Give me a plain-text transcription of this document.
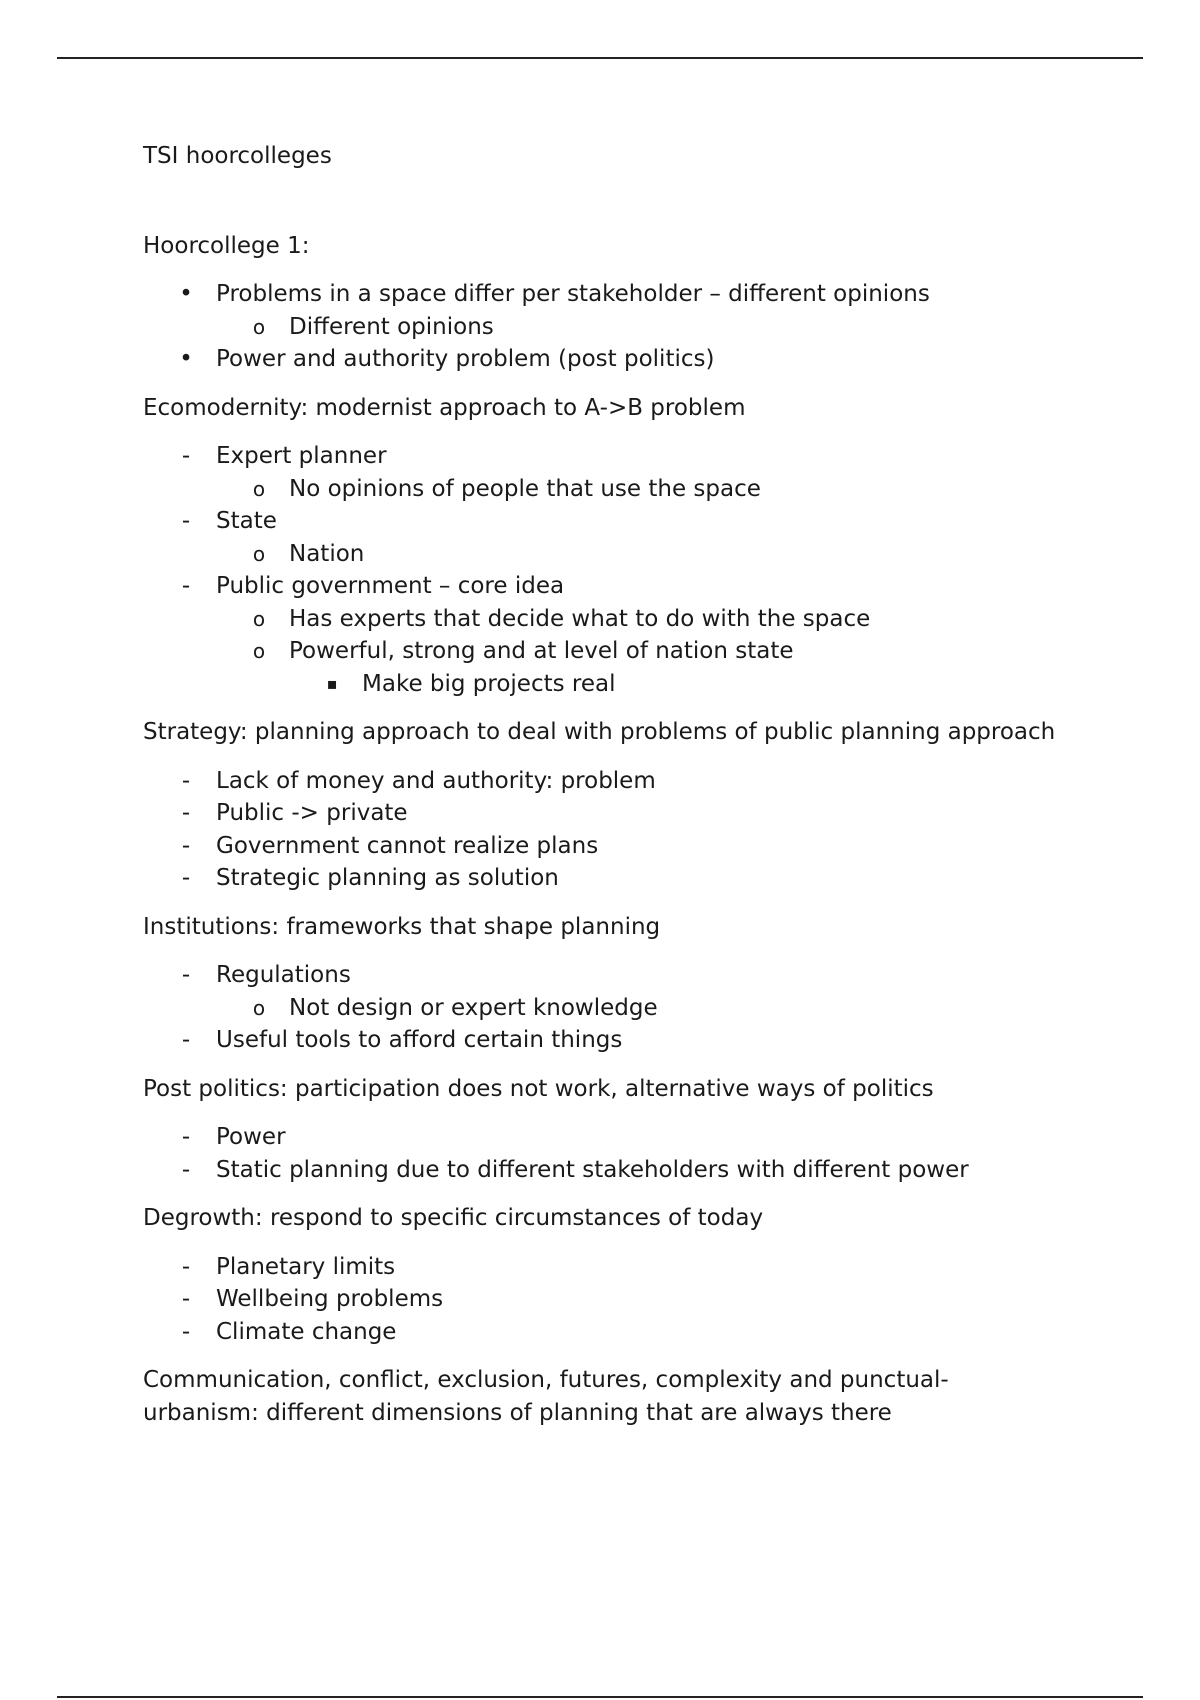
TSI hoorcolleges

Hoorcollege 1:

•
Problems in a space differ per stakeholder – different opinions
o
Different opinions
•
Power and authority problem (post politics)

Ecomodernity: modernist approach to A->B problem

-
Expert planner
o
No opinions of people that use the space
-
State
o
Nation
-
Public government – core idea
o
Has experts that decide what to do with the space
o
Powerful, strong and at level of nation state
▪
Make big projects real

Strategy: planning approach to deal with problems of public planning approach

-
Lack of money and authority: problem
-
Public -> private
-
Government cannot realize plans
-
Strategic planning as solution

Institutions: frameworks that shape planning

-
Regulations
o
Not design or expert knowledge
-
Useful tools to afford certain things

Post politics: participation does not work, alternative ways of politics

-
Power
-
Static planning due to different stakeholders with different power

Degrowth: respond to specific circumstances of today

-
Planetary limits
-
Wellbeing problems
-
Climate change

Communication, conflict, exclusion, futures, complexity and punctual-urbanism: different dimensions of planning that are always there
